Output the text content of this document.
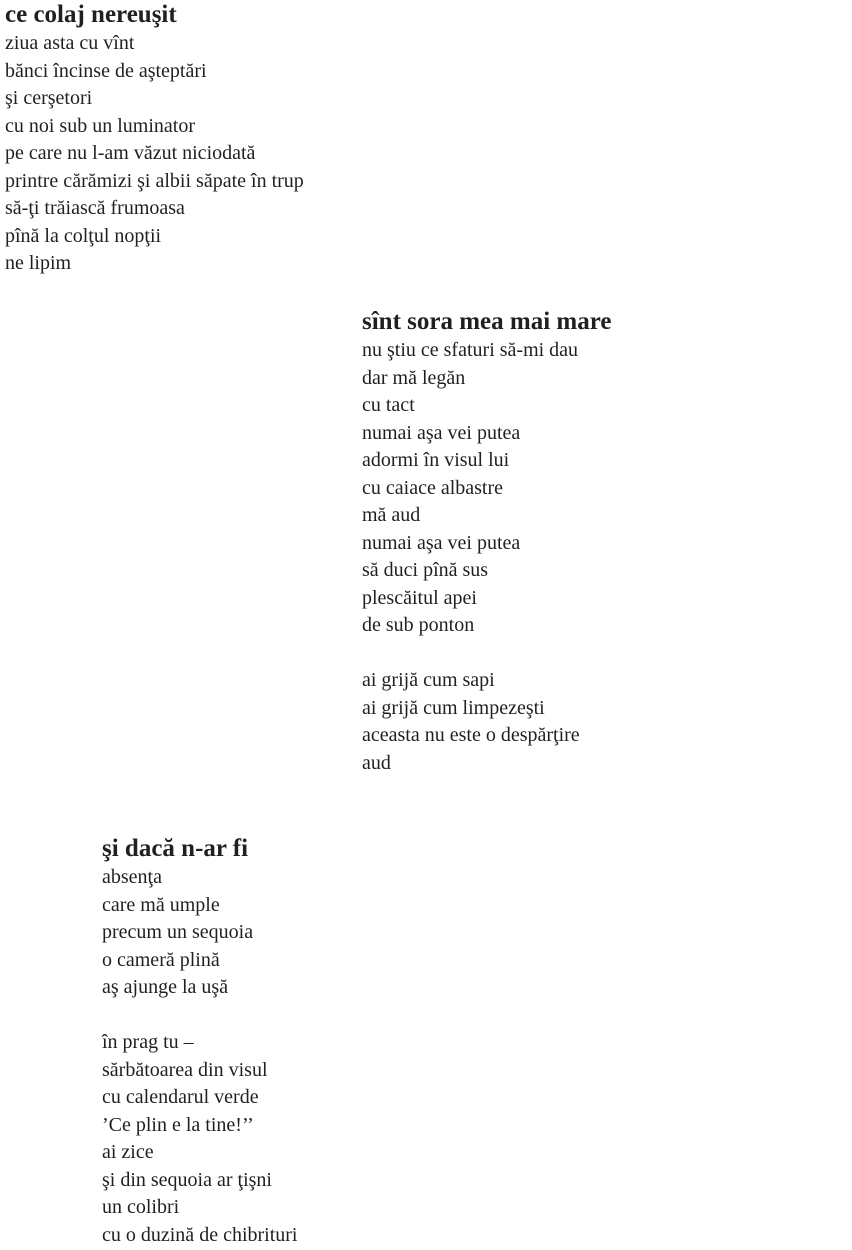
ce colaj nereuşit
ziua asta cu vînt
bănci încinse de aşteptări
şi cerşetori
cu noi sub un luminator
pe care nu l-am văzut niciodată
printre cărămizi şi albii săpate în trup
să-ţi trăiască frumoasa
pînă la colţul nopţii
ne lipim
sînt sora mea mai mare
nu ştiu ce sfaturi să-mi dau
dar mă legăn
cu tact
numai aşa vei putea
adormi în visul lui
cu caiace albastre
mă aud
numai aşa vei putea
să duci pînă sus
plescăitul apei
de sub ponton
ai grijă cum sapi
ai grijă cum limpezeşti
aceasta nu este o despărţire
aud
şi dacă n-ar fi
absenţa
care mă umple
precum un sequoia
o cameră plină
aş ajunge la uşă
în prag tu –
sărbătoarea din visul
cu calendarul verde
’Ce plin e la tine!’’
ai zice
şi din sequoia ar ţişni
un colibri
cu o duzină de chibrituri
